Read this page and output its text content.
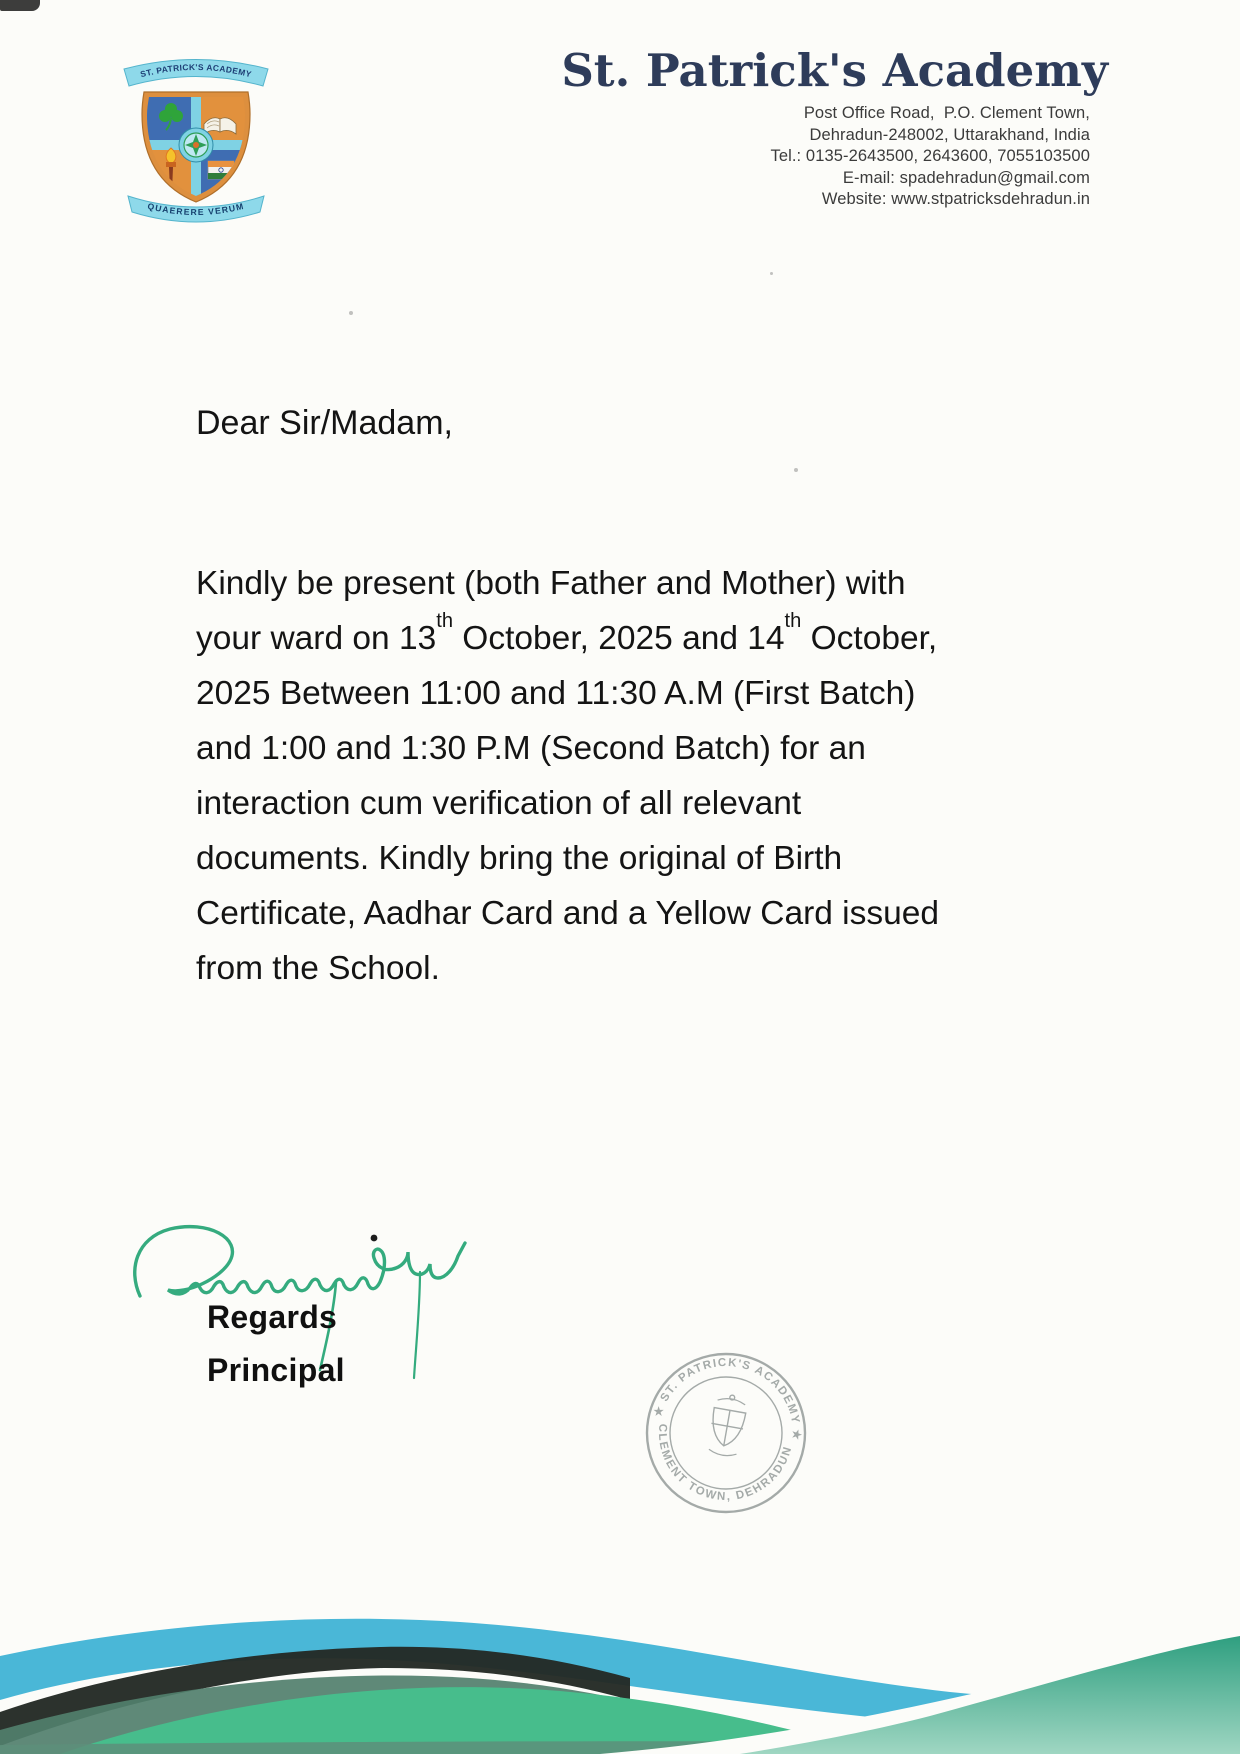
ST. PATRICK'S ACADEMY
QUAERERE VERUM
St. Patrick's Academy
Post Office Road,  P.O. Clement Town,
Dehradun-248002, Uttarakhand, India
Tel.: 0135-2643500, 2643600, 7055103500
E-mail: spadehradun@gmail.com
Website: www.stpatricksdehradun.in
Dear Sir/Madam,
Kindly be present (both Father and Mother) with
your ward on 13th October, 2025 and 14th October,
2025 Between 11:00 and 11:30 A.M (First Batch)
and 1:00 and 1:30 P.M (Second Batch) for an
interaction cum verification of all relevant
documents. Kindly bring the original of Birth
Certificate, Aadhar Card and a Yellow Card issued
from the School.
Regards
Principal
★ ST. PATRICK'S ACADEMY ★
CLEMENT TOWN, DEHRADUN
